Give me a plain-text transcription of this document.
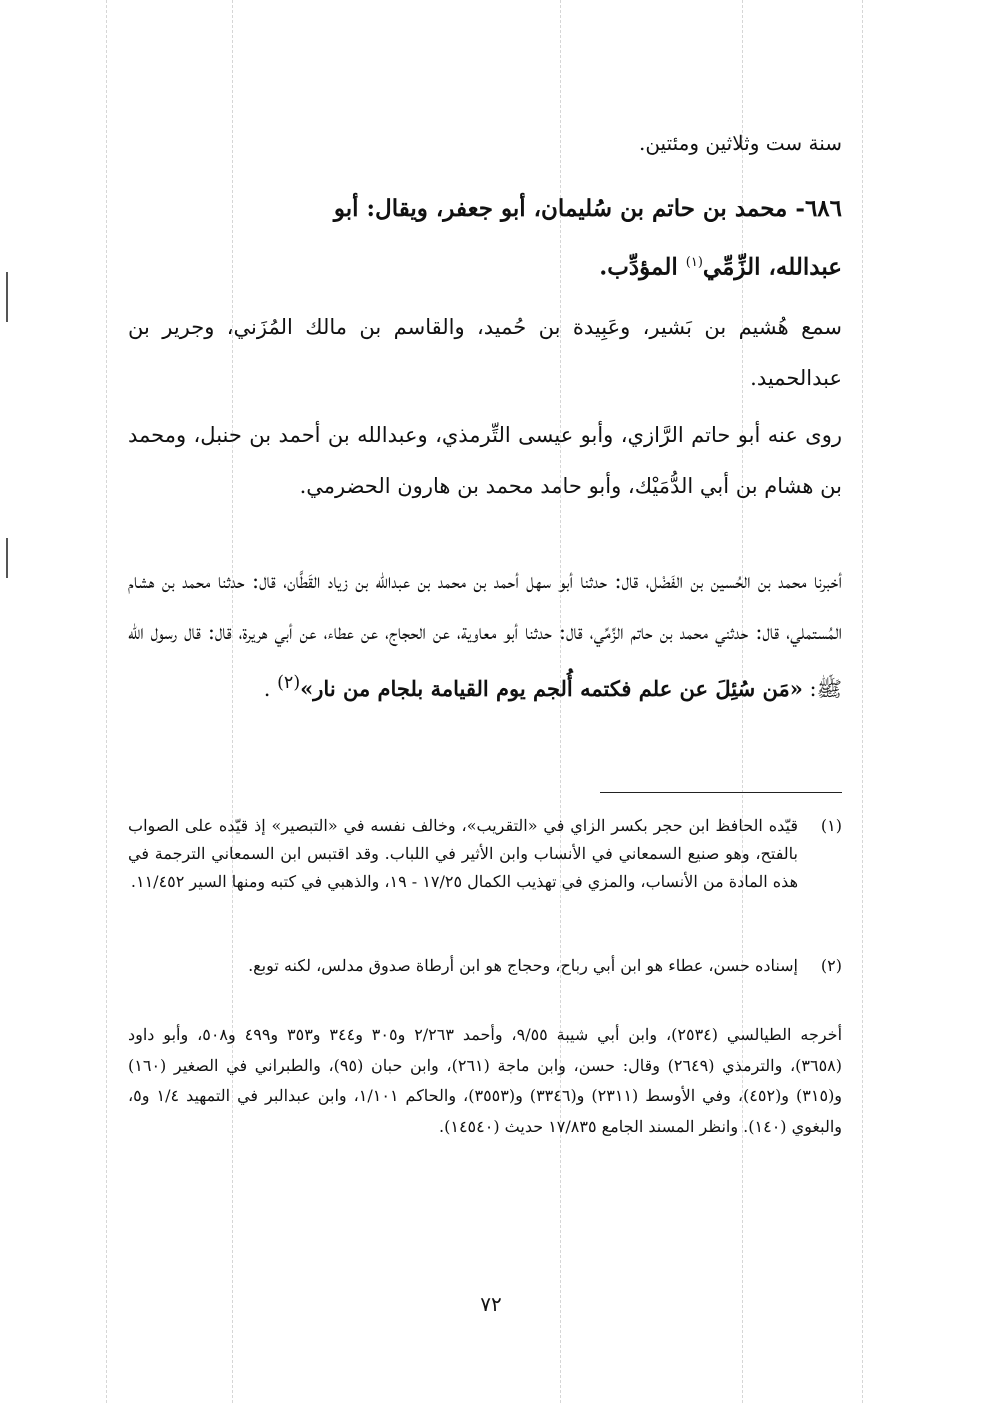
سنة ست وثلاثين ومئتين.
٦٨٦- محمد بن حاتم بن سُليمان، أبو جعفر، ويقال: أبو
عبدالله، الزِّمِّي$^{(١)}$ المؤدِّب.
سمع هُشيم بن بَشير، وعَبِيدة بن حُميد، والقاسم بن مالك المُزَني، وجرير بن عبدالحميد.
روى عنه أبو حاتم الرَّازي، وأبو عيسى التِّرمذي، وعبدالله بن أحمد بن حنبل، ومحمد بن هشام بن أبي الدُّمَيْك، وأبو حامد محمد بن هارون الحضرمي.
أخبرنا محمد بن الحُسين بن الفَضْل، قال: حدثنا أبو سهل أحمد بن محمد بن عبدالله بن زياد القَطَّان، قال: حدثنا محمد بن هشام المُستملي، قال: حدثني محمد بن حاتم الزِّمِّي، قال: حدثنا أبو معاوية، عن الحجاج، عن عطاء، عن أبي هريرة، قال: قال رسول الله ﷺ: «مَن سُئِلَ عن علم فكتمه أُلجم يوم القيامة بلجام من نار»$^{(٢)}$ .
(١)
قيّده الحافظ ابن حجر بكسر الزاي في «التقريب»، وخالف نفسه في «التبصير» إذ قيّده على الصواب بالفتح، وهو صنيع السمعاني في الأنساب وابن الأثير في اللباب. وقد اقتبس ابن السمعاني الترجمة في هذه المادة من الأنساب، والمزي في تهذيب الكمال ١٧/٢٥ - ١٩، والذهبي في كتبه ومنها السير ١١/٤٥٢.
(٢)
إسناده حسن، عطاء هو ابن أبي رباح، وحجاج هو ابن أرطاة صدوق مدلس، لكنه توبع.
أخرجه الطيالسي (٢٥٣٤)، وابن أبي شيبة ٩/٥٥، وأحمد ٢/٢٦٣ و٣٠٥ و٣٤٤ و٣٥٣ و٤٩٩ و٥٠٨، وأبو داود (٣٦٥٨)، والترمذي (٢٦٤٩) وقال: حسن، وابن ماجة (٢٦١)، وابن حبان (٩٥)، والطبراني في الصغير (١٦٠) و(٣١٥) و(٤٥٢)، وفي الأوسط (٢٣١١) و(٣٣٤٦) و(٣٥٥٣)، والحاكم ١/١٠١، وابن عبدالبر في التمهيد ١/٤ و٥، والبغوي (١٤٠). وانظر المسند الجامع ١٧/٨٣٥ حديث (١٤٥٤٠).
٧٢
